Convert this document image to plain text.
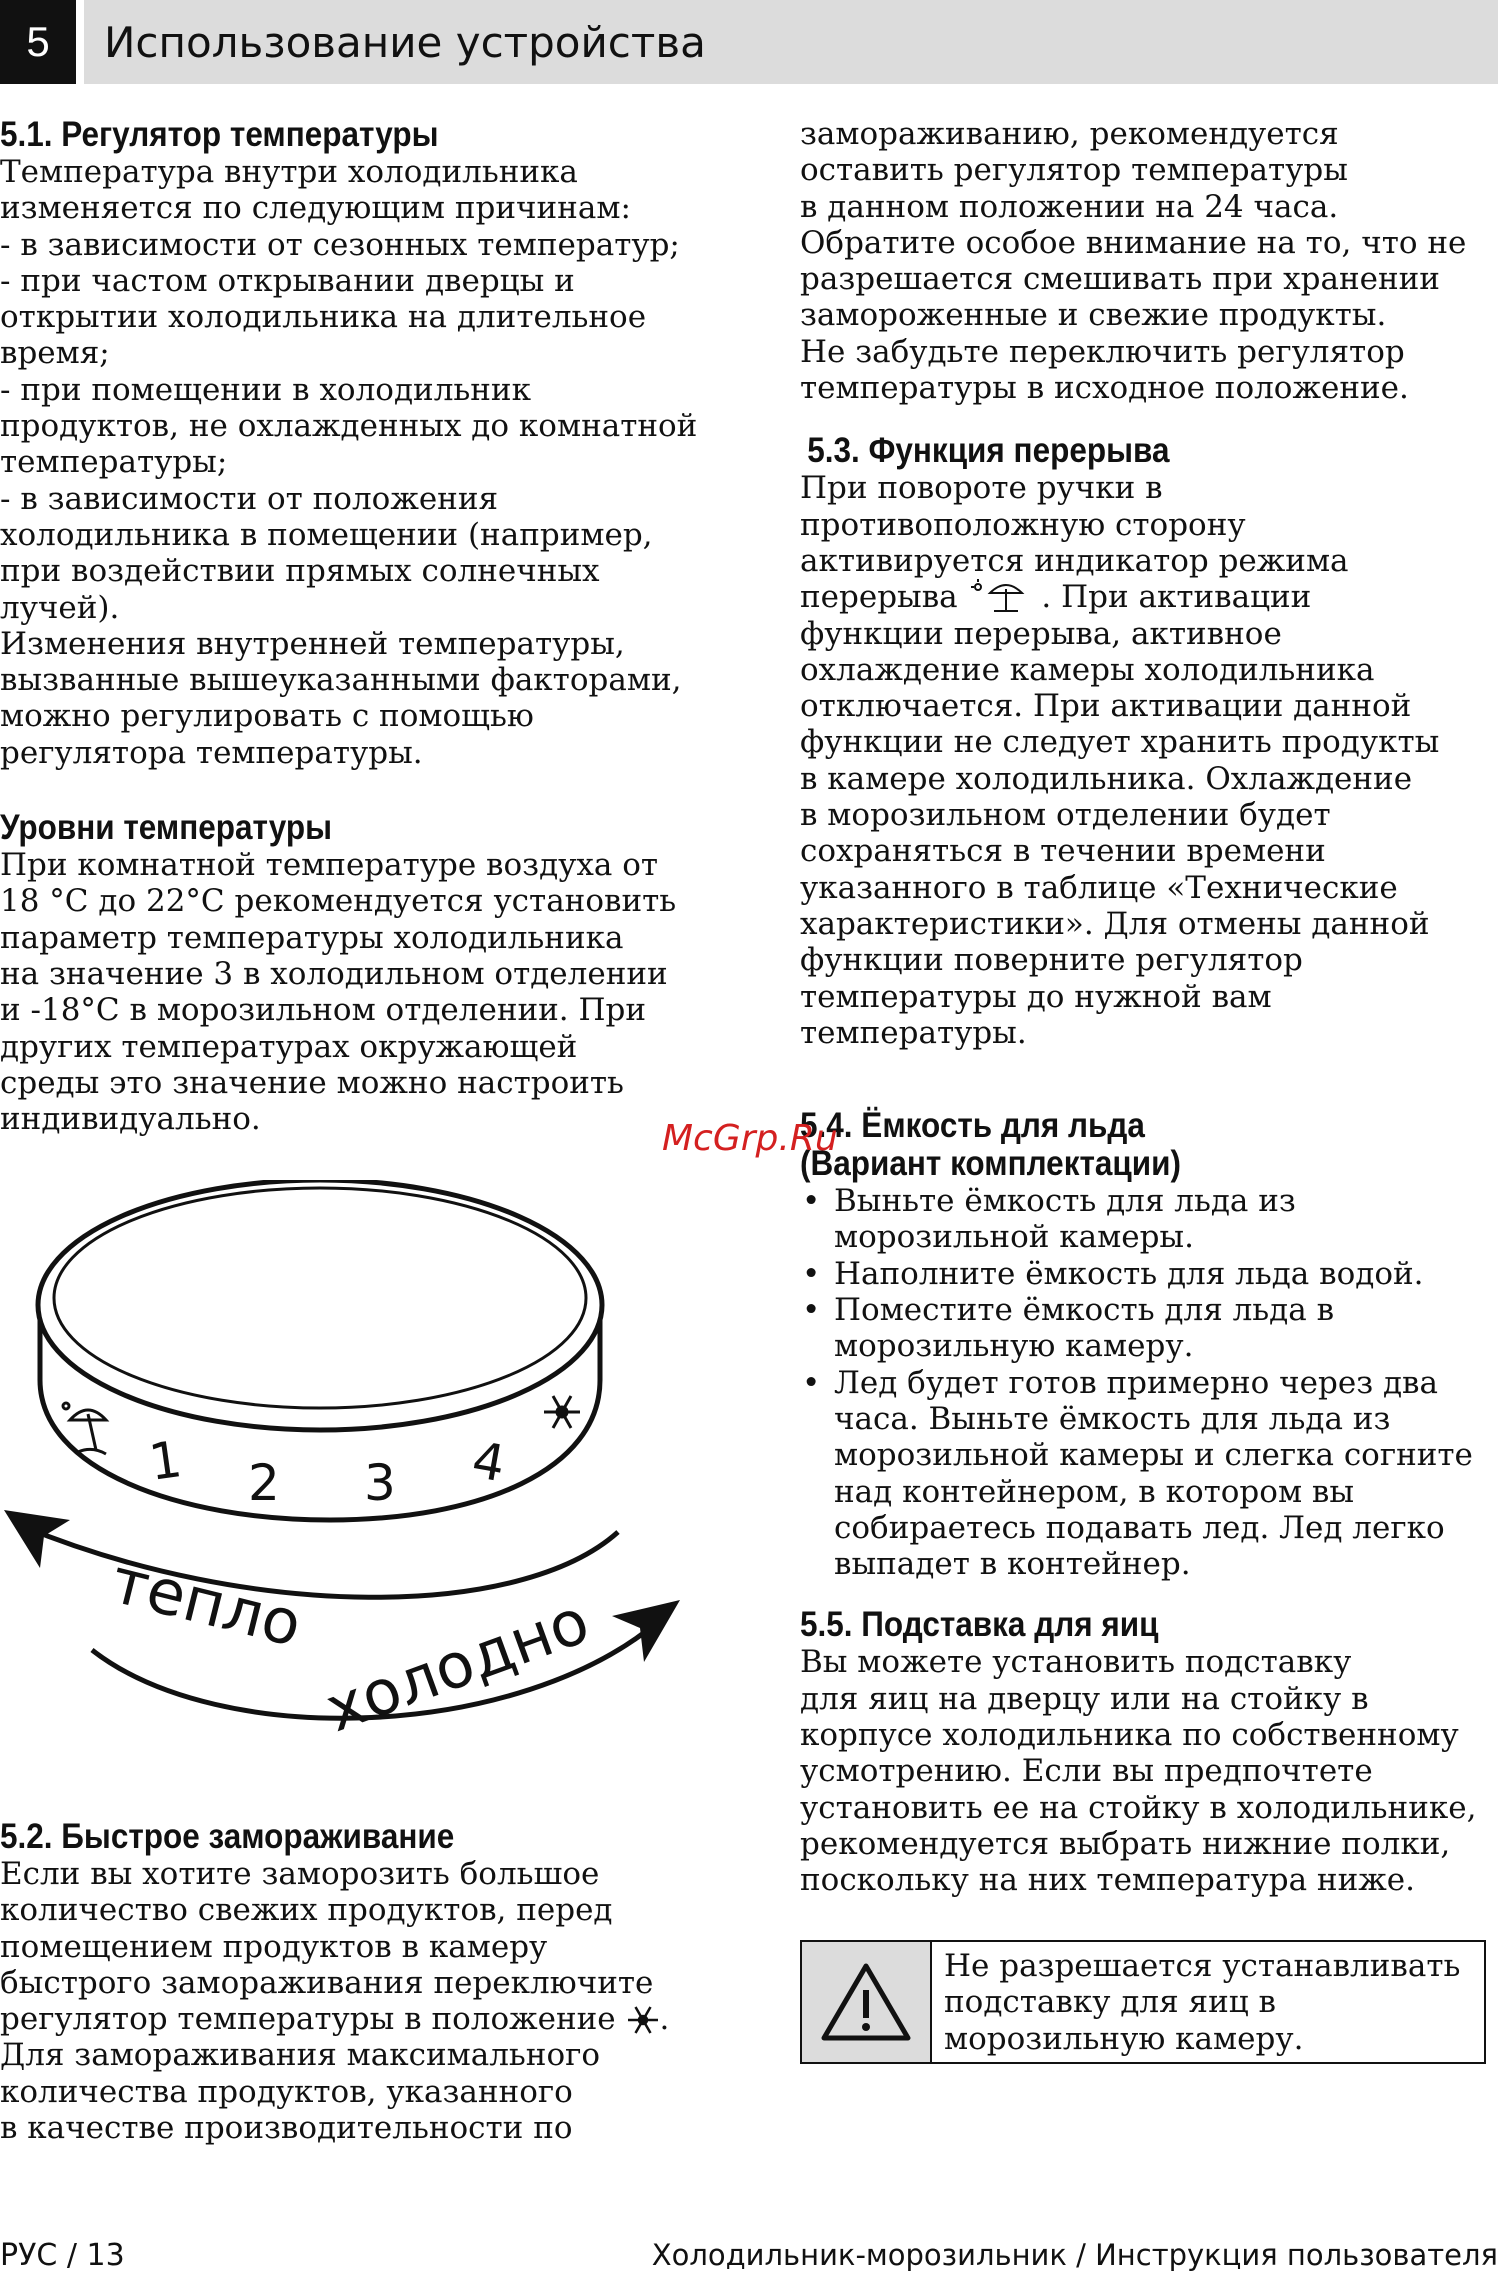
5	Использование устройства
5.1. Регулятор температуры
Температура внутри холодильника
изменяется по следующим причинам:
- в зависимости от сезонных температур;
- при частом открывании дверцы и
открытии холодильника на длительное
время;
- при помещении в холодильник
продуктов, не охлажденных до комнатной
температуры;
- в зависимости от положения
холодильника в помещении (например,
при воздействии прямых солнечных
лучей).
Изменения внутренней температуры,
вызванные вышеуказанными факторами,
можно регулировать с помощью
регулятора температуры.
Уровни температуры
При комнатной температуре воздуха от
18 °C до 22°C рекомендуется установить
параметр температуры холодильника
на значение 3 в холодильном отделении
и -18°C в морозильном отделении. При
других температурах окружающей
среды это значение можно настроить
индивидуально.
1 2 3 4
тепло холодно
5.2. Быстрое замораживание
Если вы хотите заморозить большое
количество свежих продуктов, перед
помещением продуктов в камеру
быстрого замораживания переключите
регулятор температуры в положение .
Для замораживания максимального
количества продуктов, указанного
в качестве производительности по
замораживанию, рекомендуется
оставить регулятор температуры
в данном положении на 24 часа.
Обратите особое внимание на то, что не
разрешается смешивать при хранении
замороженные и свежие продукты.
Не забудьте переключить регулятор
температуры в исходное положение.
5.3. Функция перерыва
При повороте ручки в
противоположную сторону
активируется индикатор режима
перерыва	. При активации
функции перерыва, активное
охлаждение камеры холодильника
отключается. При активации данной
функции не следует хранить продукты
в камере холодильника. Охлаждение
в морозильном отделении будет
сохраняться в течении времени
указанного в таблице «Технические
характеристики». Для отмены данной
функции поверните регулятор
температуры до нужной вам
температуры.
5.4. Ёмкость для льда
(Вариант комплектации)
• Выньте ёмкость для льда из
морозильной камеры.
• Наполните ёмкость для льда водой.
• Поместите ёмкость для льда в
морозильную камеру.
• Лед будет готов примерно через два
часа. Выньте ёмкость для льда из
морозильной камеры и слегка согните
над контейнером, в котором вы
собираетесь подавать лед. Лед легко
выпадет в контейнер.
5.5. Подставка для яиц
Вы можете установить подставку
для яиц на дверцу или на стойку в
корпусе холодильника по собственному
усмотрению. Если вы предпочтете
установить ее на стойку в холодильнике,
рекомендуется выбрать нижние полки,
поскольку на них температура ниже.
Не разрешается устанавливать
подставку для яиц в
морозильную камеру.
McGrp.Ru
РУС / 13	Холодильник-морозильник / Инструкция пользователя
